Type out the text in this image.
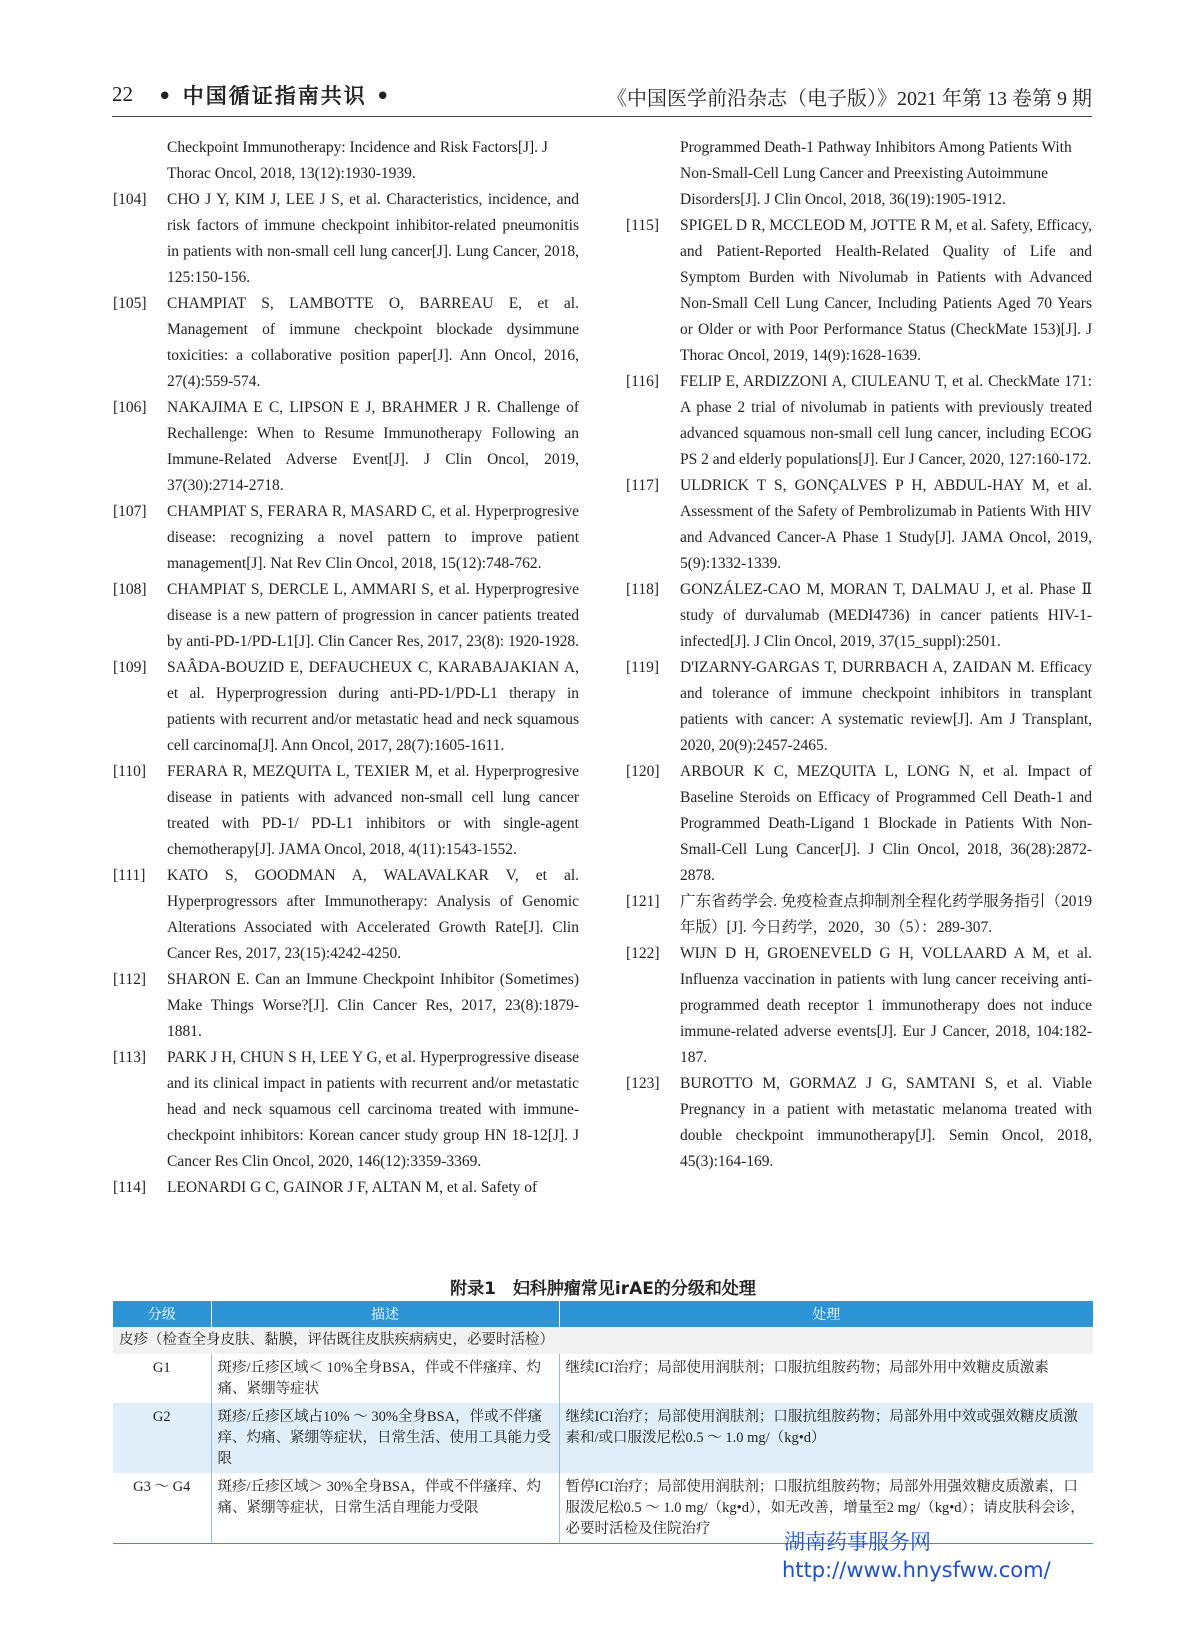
22 • 中国循证指南共识 •	《中国医学前沿杂志（电子版）》2021 年第 13 卷第 9 期
Checkpoint Immunotherapy: Incidence and Risk Factors[J]. J Thorac Oncol, 2018, 13(12):1930-1939.
[104]	CHO J Y, KIM J, LEE J S, et al. Characteristics, incidence, and risk factors of immune checkpoint inhibitor-related pneumonitis in patients with non-small cell lung cancer[J]. Lung Cancer, 2018, 125:150-156.
[105]	CHAMPIAT S, LAMBOTTE O, BARREAU E, et al. Management of immune checkpoint blockade dysimmune toxicities: a collaborative position paper[J]. Ann Oncol, 2016, 27(4):559-574.
[106]	NAKAJIMA E C, LIPSON E J, BRAHMER J R. Challenge of Rechallenge: When to Resume Immunotherapy Following an Immune-Related Adverse Event[J]. J Clin Oncol, 2019, 37(30):2714-2718.
[107]	CHAMPIAT S, FERARA R, MASARD C, et al. Hyperprogresive disease: recognizing a novel pattern to improve patient management[J]. Nat Rev Clin Oncol, 2018, 15(12):748-762.
[108]	CHAMPIAT S, DERCLE L, AMMARI S, et al. Hyperprogresive disease is a new pattern of progression in cancer patients treated by anti-PD-1/PD-L1[J]. Clin Cancer Res, 2017, 23(8): 1920-1928.
[109]	SAÂDA-BOUZID E, DEFAUCHEUX C, KARABAJAKIAN A, et al. Hyperprogression during anti-PD-1/PD-L1 therapy in patients with recurrent and/or metastatic head and neck squamous cell carcinoma[J]. Ann Oncol, 2017, 28(7):1605-1611.
[110]	FERARA R, MEZQUITA L, TEXIER M, et al. Hyperprogresive disease in patients with advanced non-small cell lung cancer treated with PD-1/ PD-L1 inhibitors or with single-agent chemotherapy[J]. JAMA Oncol, 2018, 4(11):1543-1552.
[111]	KATO S, GOODMAN A, WALAVALKAR V, et al. Hyperprogressors after Immunotherapy: Analysis of Genomic Alterations Associated with Accelerated Growth Rate[J]. Clin Cancer Res, 2017, 23(15):4242-4250.
[112]	SHARON E. Can an Immune Checkpoint Inhibitor (Sometimes) Make Things Worse?[J]. Clin Cancer Res, 2017, 23(8):1879-1881.
[113]	PARK J H, CHUN S H, LEE Y G, et al. Hyperprogressive disease and its clinical impact in patients with recurrent and/or metastatic head and neck squamous cell carcinoma treated with immune-checkpoint inhibitors: Korean cancer study group HN 18-12[J]. J Cancer Res Clin Oncol, 2020, 146(12):3359-3369.
[114]	LEONARDI G C, GAINOR J F, ALTAN M, et al. Safety of
Programmed Death-1 Pathway Inhibitors Among Patients With Non-Small-Cell Lung Cancer and Preexisting Autoimmune Disorders[J]. J Clin Oncol, 2018, 36(19):1905-1912.
[115]	SPIGEL D R, MCCLEOD M, JOTTE R M, et al. Safety, Efficacy, and Patient-Reported Health-Related Quality of Life and Symptom Burden with Nivolumab in Patients with Advanced Non-Small Cell Lung Cancer, Including Patients Aged 70 Years or Older or with Poor Performance Status (CheckMate 153)[J]. J Thorac Oncol, 2019, 14(9):1628-1639.
[116]	FELIP E, ARDIZZONI A, CIULEANU T, et al. CheckMate 171: A phase 2 trial of nivolumab in patients with previously treated advanced squamous non-small cell lung cancer, including ECOG PS 2 and elderly populations[J]. Eur J Cancer, 2020, 127:160-172.
[117]	ULDRICK T S, GONÇALVES P H, ABDUL-HAY M, et al. Assessment of the Safety of Pembrolizumab in Patients With HIV and Advanced Cancer-A Phase 1 Study[J]. JAMA Oncol, 2019, 5(9):1332-1339.
[118]	GONZÁLEZ-CAO M, MORAN T, DALMAU J, et al. Phase Ⅱ study of durvalumab (MEDI4736) in cancer patients HIV-1-infected[J]. J Clin Oncol, 2019, 37(15_suppl):2501.
[119]	D'IZARNY-GARGAS T, DURRBACH A, ZAIDAN M. Efficacy and tolerance of immune checkpoint inhibitors in transplant patients with cancer: A systematic review[J]. Am J Transplant, 2020, 20(9):2457-2465.
[120]	ARBOUR K C, MEZQUITA L, LONG N, et al. Impact of Baseline Steroids on Efficacy of Programmed Cell Death-1 and Programmed Death-Ligand 1 Blockade in Patients With Non-Small-Cell Lung Cancer[J]. J Clin Oncol, 2018, 36(28):2872-2878.
[121]	广东省药学会. 免疫检查点抑制剂全程化药学服务指引（2019年版）[J]. 今日药学，2020，30（5）：289-307.
[122]	WIJN D H, GROENEVELD G H, VOLLAARD A M, et al. Influenza vaccination in patients with lung cancer receiving anti-programmed death receptor 1 immunotherapy does not induce immune-related adverse events[J]. Eur J Cancer, 2018, 104:182-187.
[123]	BUROTTO M, GORMAZ J G, SAMTANI S, et al. Viable Pregnancy in a patient with metastatic melanoma treated with double checkpoint immunotherapy[J]. Semin Oncol, 2018, 45(3):164-169.
附录1　妇科肿瘤常见irAE的分级和处理
分级	描述	处理
皮疹（检查全身皮肤、黏膜，评估既往皮肤疾病病史，必要时活检）		
G1	斑疹/丘疹区域＜ 10%全身BSA，伴或不伴瘙痒、灼痛、紧绷等症状	继续ICI治疗；局部使用润肤剂；口服抗组胺药物；局部外用中效糖皮质激素
G2	斑疹/丘疹区域占10% ～ 30%全身BSA，伴或不伴瘙痒、灼痛、紧绷等症状，日常生活、使用工具能力受限	继续ICI治疗；局部使用润肤剂；口服抗组胺药物；局部外用中效或强效糖皮质激素和/或口服泼尼松0.5 ～ 1.0 mg/（kg•d）
G3 ～ G4	斑疹/丘疹区域＞ 30%全身BSA，伴或不伴瘙痒、灼痛、紧绷等症状，日常生活自理能力受限	暂停ICI治疗；局部使用润肤剂；口服抗组胺药物；局部外用强效糖皮质激素，口服泼尼松0.5 ～ 1.0 mg/（kg•d），如无改善，增量至2 mg/（kg•d）；请皮肤科会诊，必要时活检及住院治疗
湖南药事服务网
http://www.hnysfww.com/
